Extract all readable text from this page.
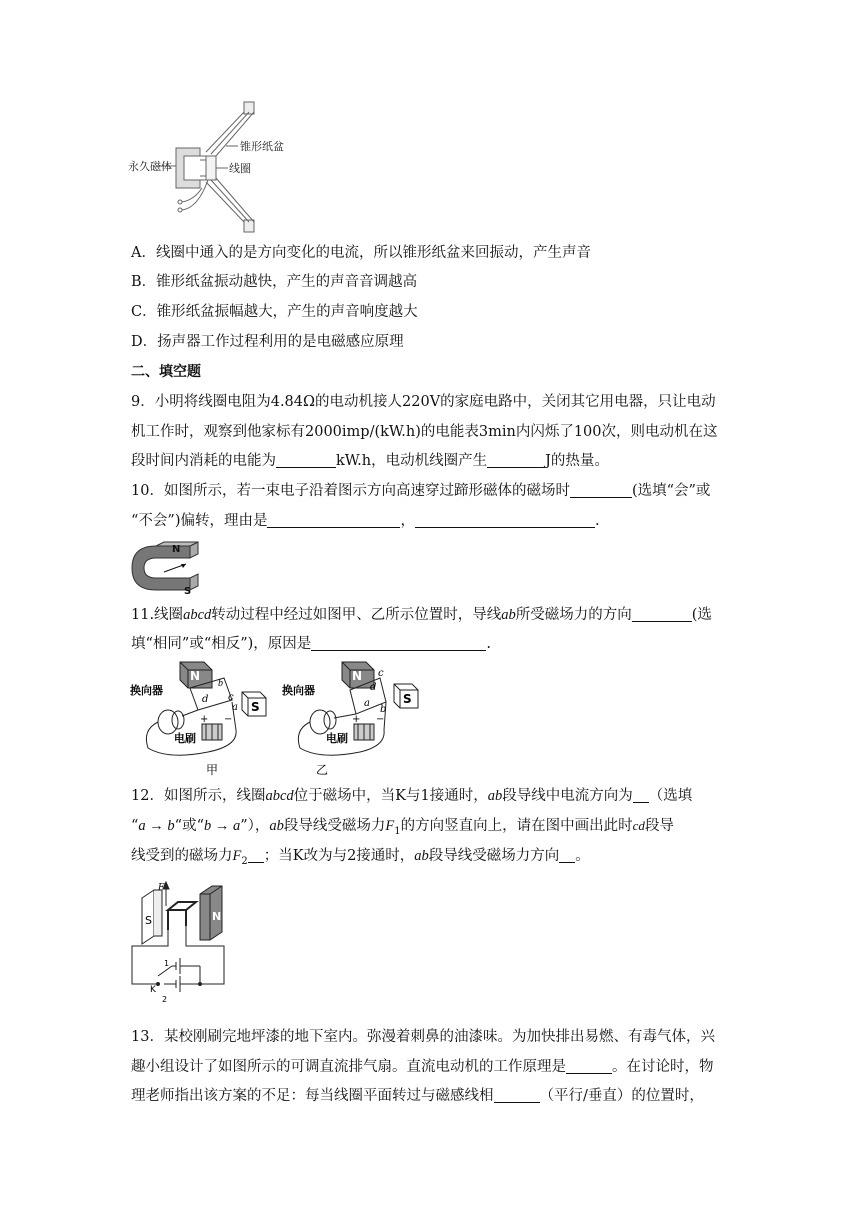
锥形纸盆
永久磁体	线圈
A．线圈中通入的是方向变化的电流，所以锥形纸盆来回振动，产生声音
B．锥形纸盆振动越快，产生的声音音调越高
C．锥形纸盆振幅越大，产生的声音响度越大
D．扬声器工作过程利用的是电磁感应原理
二、填空题
9．小明将线圈电阻为4.84Ω的电动机接人220V的家庭电路中，关闭其它用电器，只让电动
机工作时，观察到他家标有2000imp/(kW.h)的电能表3min内闪烁了100次，则电动机在这
段时间内消耗的电能为	kW.h，电动机线圈产生	J的热量。
10．如图所示，若一束电子沿着图示方向高速穿过蹄形磁体的磁场时	(选填“会”或
“不会”)偏转，理由是	，	.
N
S
11.线圈abcd转动过程中经过如图甲、乙所示位置时，导线ab所受磁场力的方向	(选
填“相同”或“相反”)，原因是	.
换向器
电刷
N
S
b
c
d
a
+ −
甲
换向器
电刷
N
S
c
d
b
a
+ −
乙
12．如图所示，线圈abcd位于磁场中，当K与1接通时，ab段导线中电流方向为 （选填
“a → b“或“b → a”），ab段导线受磁场力$F_1$的方向竖直向上，请在图中画出此时cd段导
线受到的磁场力$F_2$ ；当K改为与2接通时，ab段导线受磁场力方向 。
F
S	N
K
1
2
13．某校刚刷完地坪漆的地下室内。弥漫着刺鼻的油漆味。为加快排出易燃、有毒气体，兴
趣小组设计了如图所示的可调直流排气扇。直流电动机的工作原理是	。在讨论时，物
理老师指出该方案的不足：每当线圈平面转过与磁感线相	（平行/垂直）的位置时，
